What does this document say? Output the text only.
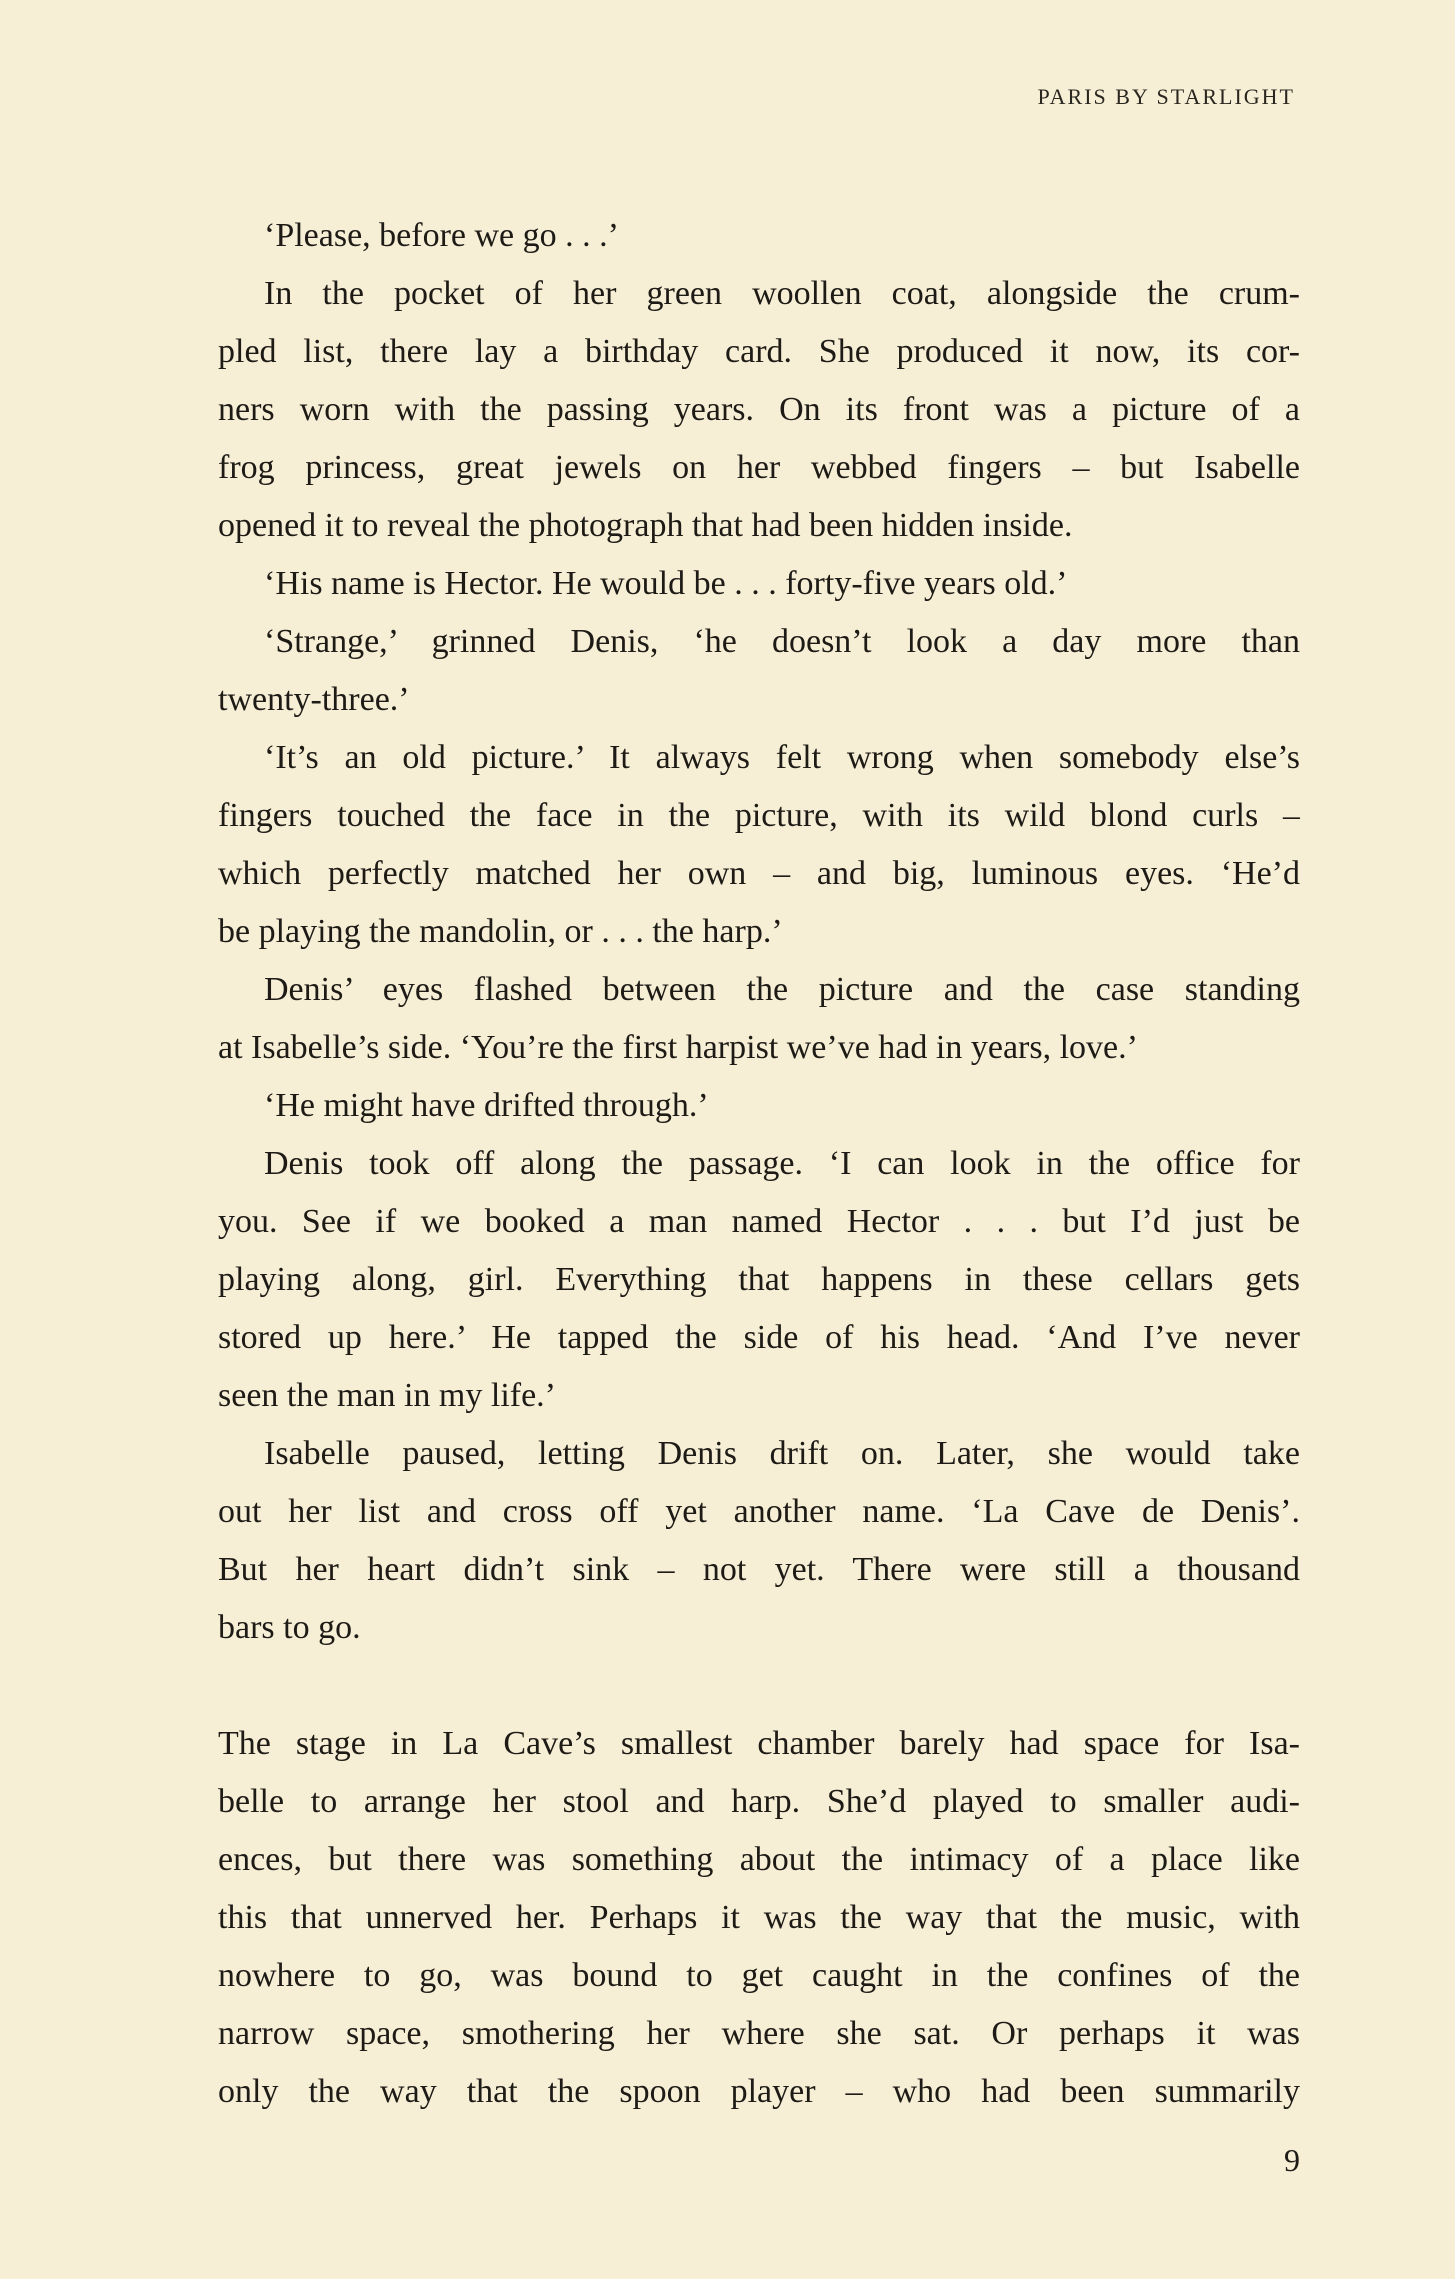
PARIS BY STARLIGHT
‘Please, before we go . . .’
In the pocket of her green woollen coat, alongside the crum-
pled list, there lay a birthday card. She produced it now, its cor-
ners worn with the passing years. On its front was a picture of a
frog princess, great jewels on her webbed fingers – but Isabelle
opened it to reveal the photograph that had been hidden inside.
‘His name is Hector. He would be . . . forty-five years old.’
‘Strange,’ grinned Denis, ‘he doesn’t look a day more than
twenty-three.’
‘It’s an old picture.’ It always felt wrong when somebody else’s
fingers touched the face in the picture, with its wild blond curls –
which perfectly matched her own – and big, luminous eyes. ‘He’d
be playing the mandolin, or . . . the harp.’
Denis’ eyes flashed between the picture and the case standing
at Isabelle’s side. ‘You’re the first harpist we’ve had in years, love.’
‘He might have drifted through.’
Denis took off along the passage. ‘I can look in the office for
you. See if we booked a man named Hector . . . but I’d just be
playing along, girl. Everything that happens in these cellars gets
stored up here.’ He tapped the side of his head. ‘And I’ve never
seen the man in my life.’
Isabelle paused, letting Denis drift on. Later, she would take
out her list and cross off yet another name. ‘La Cave de Denis’.
But her heart didn’t sink – not yet. There were still a thousand
bars to go.
The stage in La Cave’s smallest chamber barely had space for Isa-
belle to arrange her stool and harp. She’d played to smaller audi-
ences, but there was something about the intimacy of a place like
this that unnerved her. Perhaps it was the way that the music, with
nowhere to go, was bound to get caught in the confines of the
narrow space, smothering her where she sat. Or perhaps it was
only the way that the spoon player – who had been summarily
9
